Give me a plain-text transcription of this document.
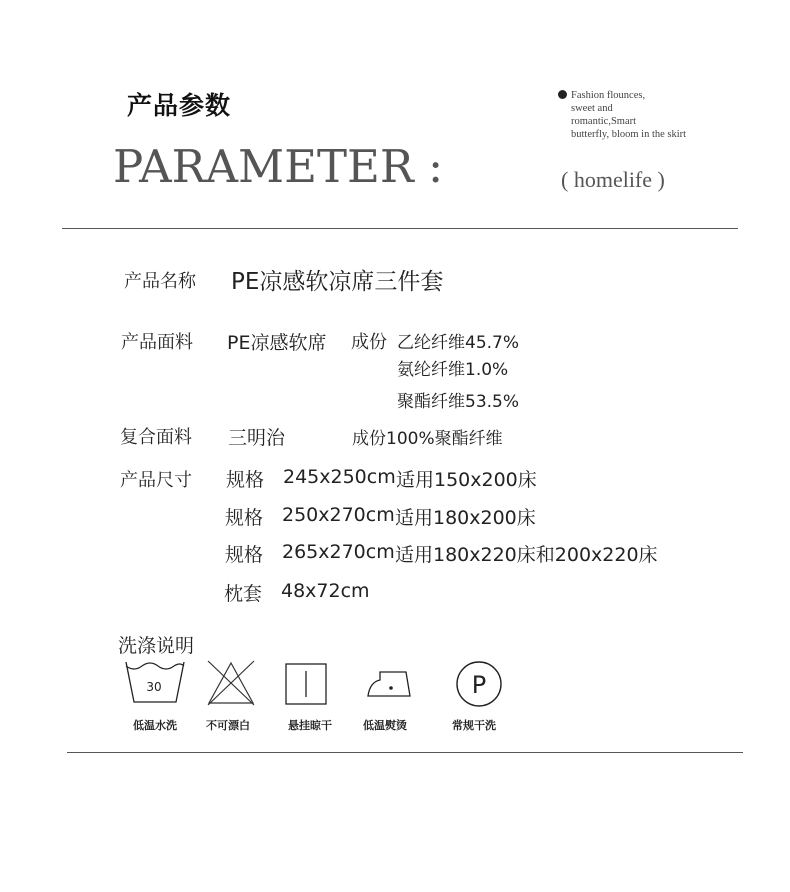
产品参数
PARAMETER :
Fashion flounces,
sweet and
romantic,Smart
butterfly, bloom in the skirt
( homelife )
产品名称 PE凉感软凉席三件套
产品面料 PE凉感软席 成份 乙纶纤维45.7%
氨纶纤维1.0%
聚酯纤维53.5%
复合面料 三明治	成份100%聚酯纤维
产品尺寸 规格 245x250cm 适用150x200床
规格 250x270cm 适用180x200床
规格 265x270cm 适用180x220床和200x220床
枕套 48x72cm
洗涤说明
30
低温水洗	不可漂白	悬挂晾干	低温熨烫
P
常规干洗
